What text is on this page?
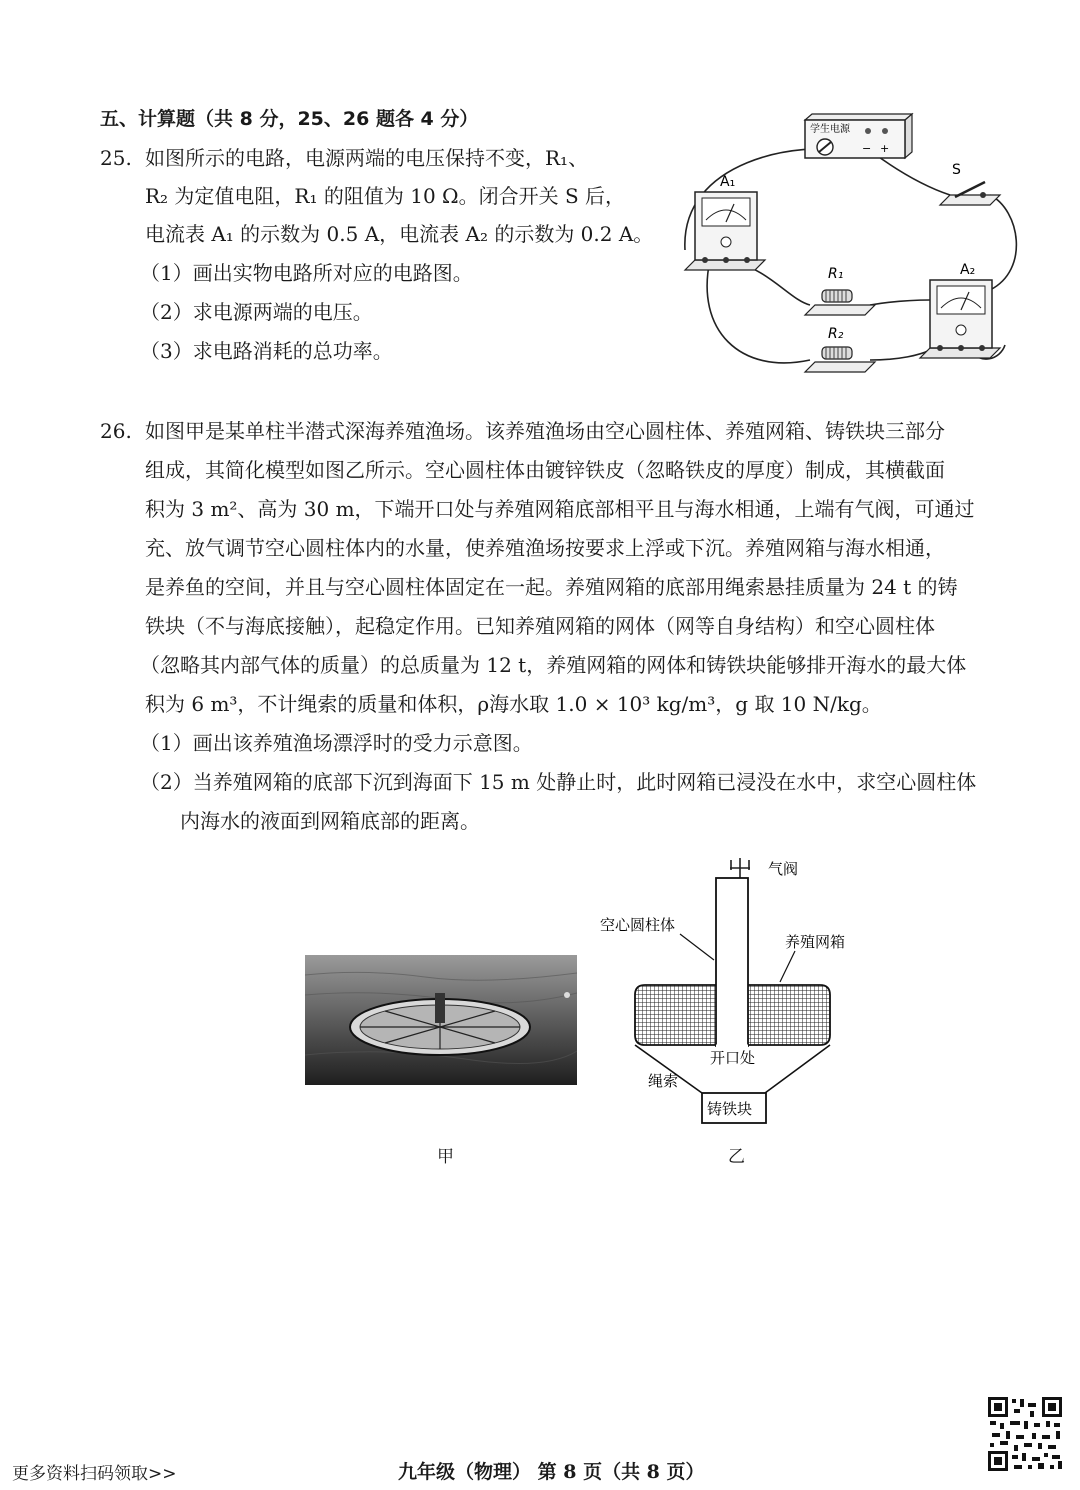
五、计算题（共 8 分，25、26 题各 4 分）
25. 如图所示的电路，电源两端的电压保持不变，R₁、
R₂ 为定值电阻，R₁ 的阻值为 10 Ω。闭合开关 S 后，
电流表 A₁ 的示数为 0.5 A，电流表 A₂ 的示数为 0.2 A。
（1）画出实物电路所对应的电路图。
（2）求电源两端的电压。
（3）求电路消耗的总功率。
学生电源
− +
S
A₁
R₁
R₂
A₂
26. 如图甲是某单柱半潜式深海养殖渔场。该养殖渔场由空心圆柱体、养殖网箱、铸铁块三部分
组成，其简化模型如图乙所示。空心圆柱体由镀锌铁皮（忽略铁皮的厚度）制成，其横截面
积为 3 m²、高为 30 m，下端开口处与养殖网箱底部相平且与海水相通，上端有气阀，可通过
充、放气调节空心圆柱体内的水量，使养殖渔场按要求上浮或下沉。养殖网箱与海水相通，
是养鱼的空间，并且与空心圆柱体固定在一起。养殖网箱的底部用绳索悬挂质量为 24 t 的铸
铁块（不与海底接触），起稳定作用。已知养殖网箱的网体（网等自身结构）和空心圆柱体
（忽略其内部气体的质量）的总质量为 12 t，养殖网箱的网体和铸铁块能够排开海水的最大体
积为 6 m³，不计绳索的质量和体积，ρ海水取 1.0 × 10³ kg/m³，g 取 10 N/kg。
（1）画出该养殖渔场漂浮时的受力示意图。
（2）当养殖网箱的底部下沉到海面下 15 m 处静止时，此时网箱已浸没在水中，求空心圆柱体
内海水的液面到网箱底部的距离。
甲
气阀
铸铁块
空心圆柱体
养殖网箱
开口处
绳索
乙
更多资料扫码领取>>	九年级（物理） 第 8 页（共 8 页）
